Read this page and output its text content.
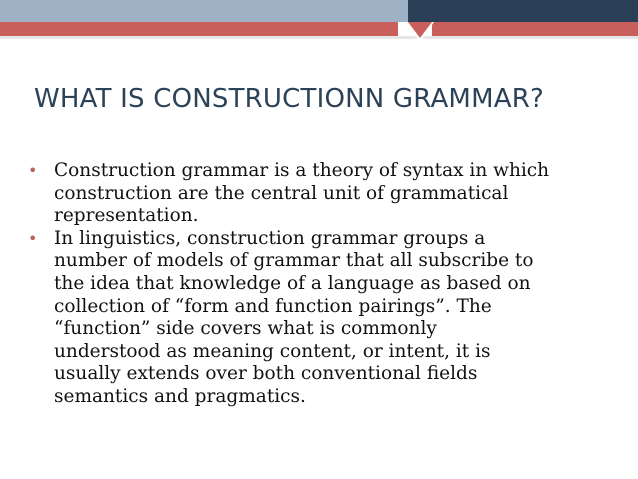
WHAT IS CONSTRUCTIONN GRAMMAR?
• Construction grammar is a theory of syntax in which
construction are the central unit of grammatical
representation.
• In linguistics, construction grammar groups a
number of models of grammar that all subscribe to
the idea that knowledge of a language as based on
collection of “form and function pairings”. The
“function” side covers what is commonly
understood as meaning content, or intent, it is
usually extends over both conventional fields
semantics and pragmatics.
